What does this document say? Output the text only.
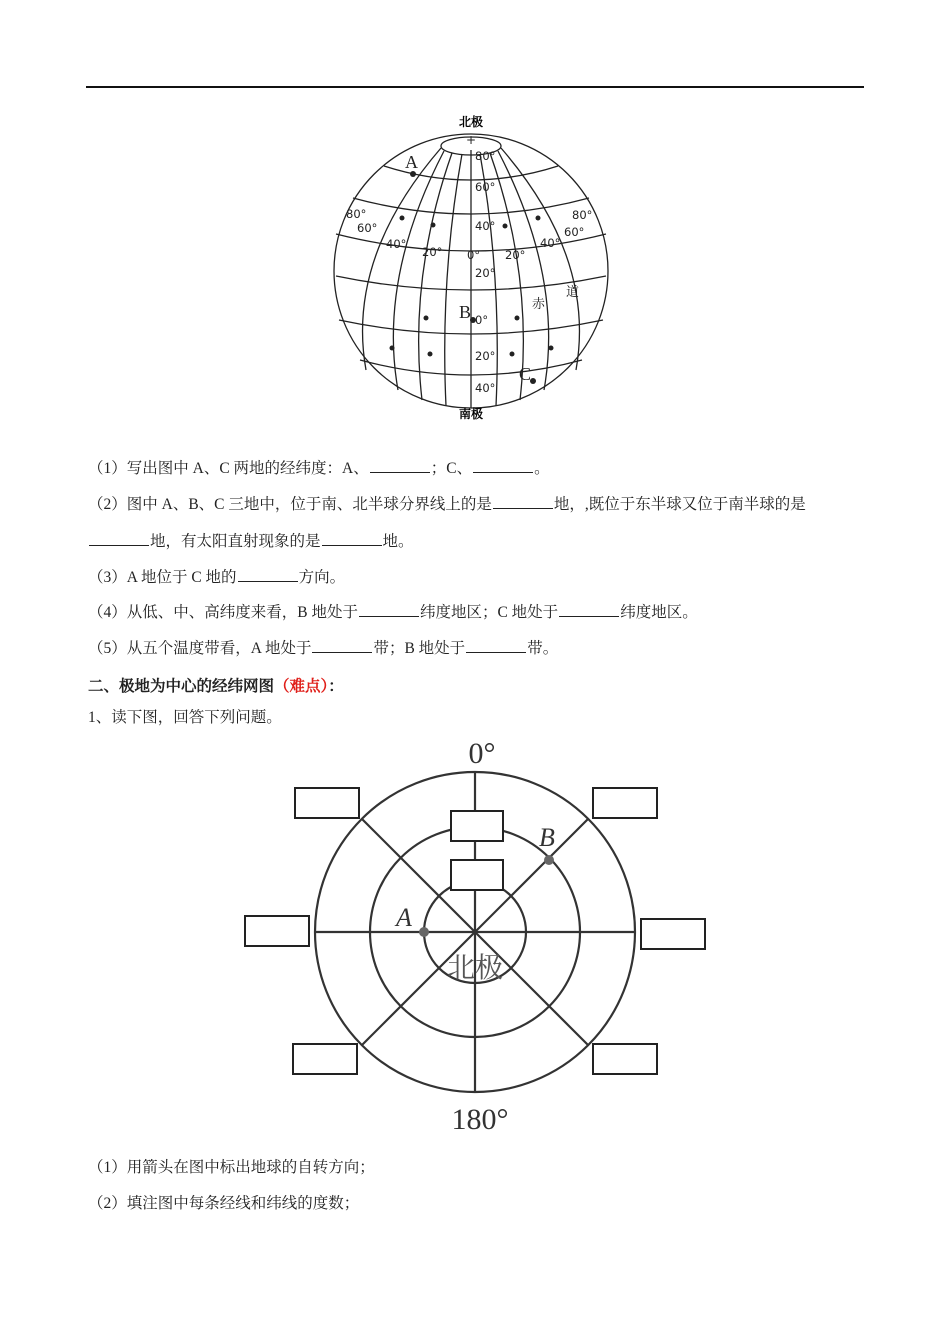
+
北极
南极
80°
60°
40°
20°
0°
20°
40°
80°
60°
40°
20° 0° 20°
40°
60°
80°
赤
道
A
B
C
（1）写出图中 A、C 两地的经纬度：A、	；C、	。
（2）图中 A、B、C 三地中，位于南、北半球分界线上的是	地，,既位于东半球又位于南半球的是
地，有太阳直射现象的是	地。
（3）A 地位于 C 地的	方向。
（4）从低、中、高纬度来看，B 地处于	纬度地区；C 地处于	纬度地区。
（5）从五个温度带看，A 地处于	带；B 地处于	带。
二、极地为中心的经纬网图（难点）：
1、读下图，回答下列问题。
0°
180°
A
B
北极
（1）用箭头在图中标出地球的自转方向；
（2）填注图中每条经线和纬线的度数；
